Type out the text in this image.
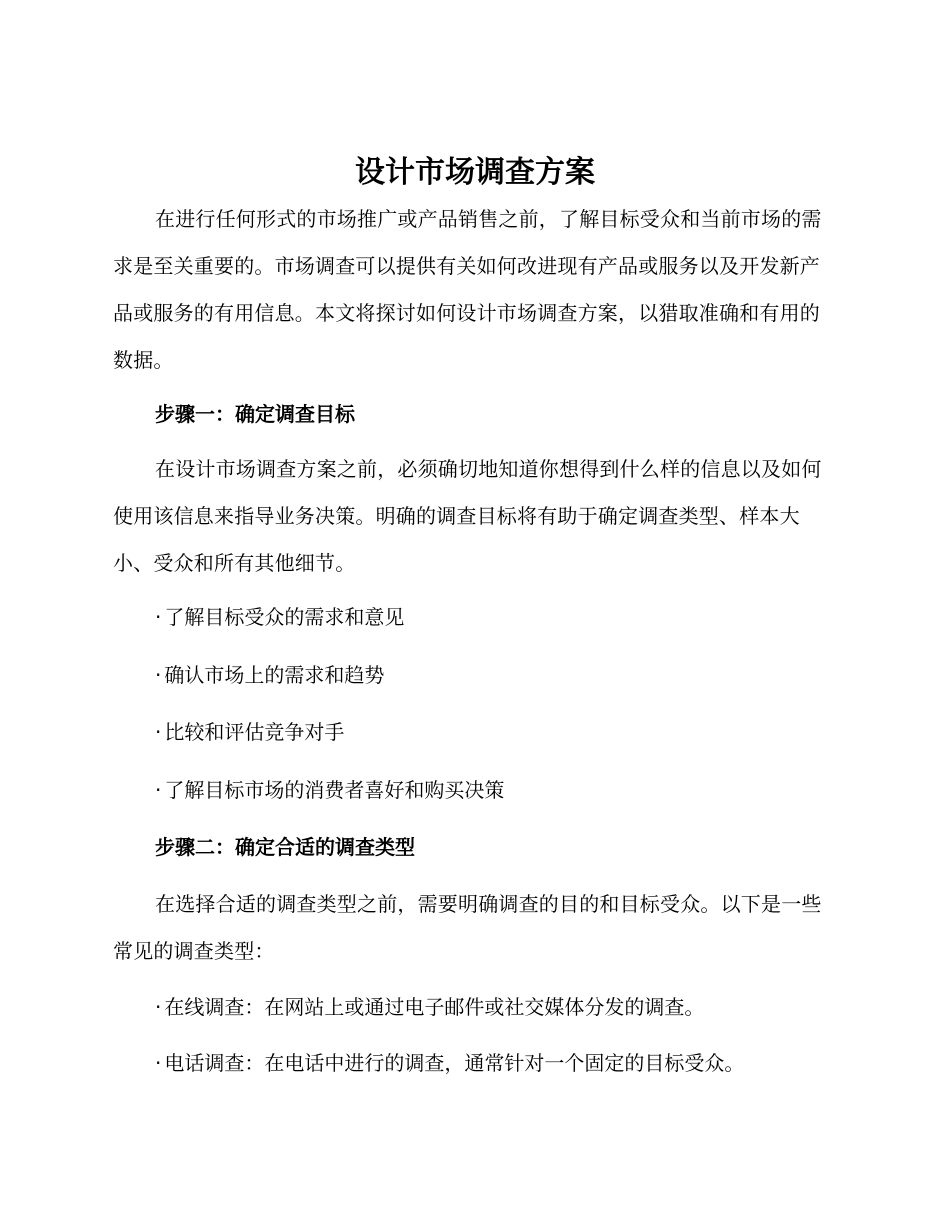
设计市场调查方案

在进行任何形式的市场推广或产品销售之前，了解目标受众和当前市场的需求是至关重要的。市场调查可以提供有关如何改进现有产品或服务以及开发新产品或服务的有用信息。本文将探讨如何设计市场调查方案，以猎取准确和有用的数据。

步骤一：确定调查目标

在设计市场调查方案之前，必须确切地知道你想得到什么样的信息以及如何使用该信息来指导业务决策。明确的调查目标将有助于确定调查类型、样本大小、受众和所有其他细节。

· 了解目标受众的需求和意见
· 确认市场上的需求和趋势
· 比较和评估竞争对手
· 了解目标市场的消费者喜好和购买决策
步骤二：确定合适的调查类型

在选择合适的调查类型之前，需要明确调查的目的和目标受众。以下是一些常见的调查类型：

· 在线调查：在网站上或通过电子邮件或社交媒体分发的调查。
· 电话调查：在电话中进行的调查，通常针对一个固定的目标受众。
